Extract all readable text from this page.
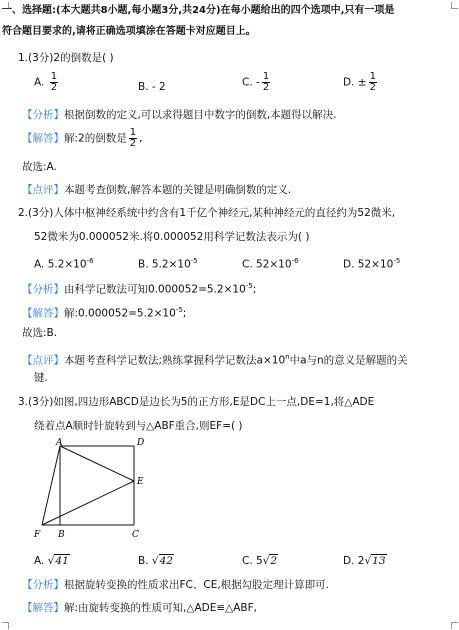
一、选择题:(本大题共8小题,每小题3分,共24分)在每小题给出的四个选项中,只有一项是
符合题目要求的,请将正确选项填涂在答题卡对应题目上。
1.(3分)2的倒数是( )
A. $\frac{1}{2}$	B. - 2	C. - $\frac{1}{2}$	D. ± $\frac{1}{2}$
【分析】根据倒数的定义,可以求得题目中数字的倒数,本题得以解决.
【解答】解:2的倒数是 $\frac{1}{2}$ ,
故选:A.
【点评】本题考查倒数,解答本题的关键是明确倒数的定义.
2.(3分)人体中枢神经系统中约含有1千亿个神经元,某种神经元的直径约为52微米,
52微米为0.000052米.将0.000052用科学记数法表示为( )
A. $5.2\times 10^{-6}$	B. $5.2\times 10^{-5}$	C. $52\times 10^{-6}$	D. $52\times 10^{-5}$
【分析】由科学记数法可知$0.000052=5.2\times 10^{-5}$;
【解答】解$:0.000052=5.2\times 10^{-5}$;
故选:B.
【点评】本题考查科学记数法;熟练掌握科学记数法$a\times 10^n$中a与n的意义是解题的关
键.
3.(3分)如图,四边形ABCD是边长为5的正方形,E是DC上一点,DE=1,将△ADE
绕着点A顺时针旋转到与△ABF重合,则EF=( )
A	D
E
F B	C
A. √41	B. √42	C. 5√2	D. 2√13
【分析】根据旋转变换的性质求出FC、CE,根据勾股定理计算即可.
【解答】解:由旋转变换的性质可知,△ADE≌△ABF,
